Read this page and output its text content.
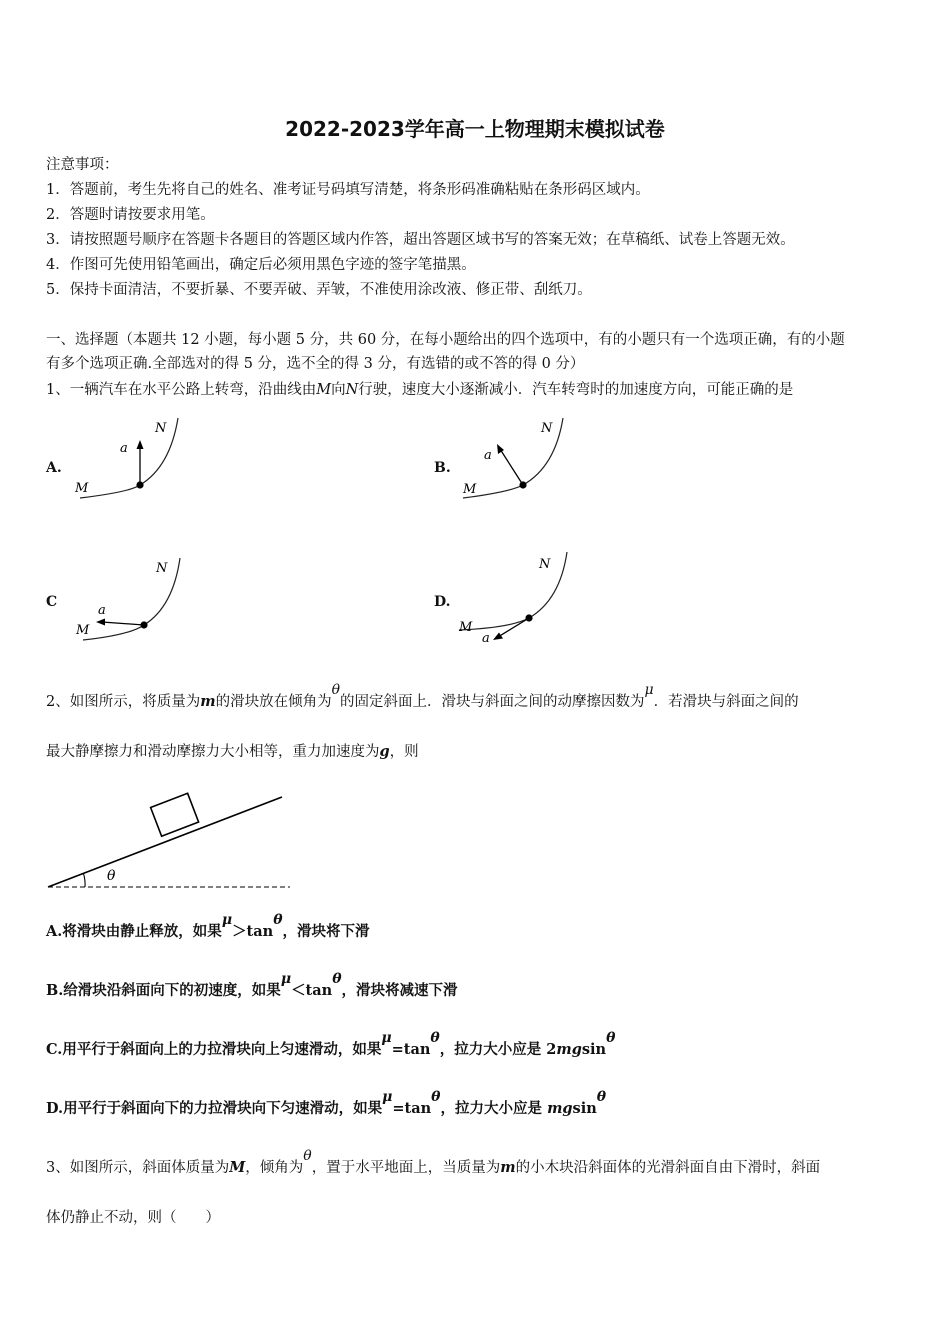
2022-2023学年高一上物理期末模拟试卷
注意事项：
1．答题前，考生先将自己的姓名、准考证号码填写清楚，将条形码准确粘贴在条形码区域内。
2．答题时请按要求用笔。
3．请按照题号顺序在答题卡各题目的答题区域内作答，超出答题区域书写的答案无效；在草稿纸、试卷上答题无效。
4．作图可先使用铅笔画出，确定后必须用黑色字迹的签字笔描黑。
5．保持卡面清洁，不要折暴、不要弄破、弄皱，不准使用涂改液、修正带、刮纸刀。
一、选择题（本题共 12 小题，每小题 5 分，共 60 分，在每小题给出的四个选项中，有的小题只有一个选项正确，有的小题
有多个选项正确.全部选对的得 5 分，选不全的得 3 分，有选错的或不答的得 0 分）
1、一辆汽车在水平公路上转弯，沿曲线由M向N行驶，速度大小逐渐减小．汽车转弯时的加速度方向，可能正确的是
A.
N
M
a
B.
N
M
a
C
N
M
a
D.
N
M
a
2、如图所示，将质量为m的滑块放在倾角为θ的固定斜面上．滑块与斜面之间的动摩擦因数为μ．若滑块与斜面之间的
最大静摩擦力和滑动摩擦力大小相等，重力加速度为g，则
θ
A.将滑块由静止释放，如果μ＞tanθ，滑块将下滑
B.给滑块沿斜面向下的初速度，如果μ＜tanθ，滑块将减速下滑
C.用平行于斜面向上的力拉滑块向上匀速滑动，如果μ=tanθ，拉力大小应是 2mgsinθ
D.用平行于斜面向下的力拉滑块向下匀速滑动，如果μ=tanθ，拉力大小应是 mgsinθ
3、如图所示，斜面体质量为M，倾角为θ，置于水平地面上，当质量为m的小木块沿斜面体的光滑斜面自由下滑时，斜面
体仍静止不动，则（　　）
